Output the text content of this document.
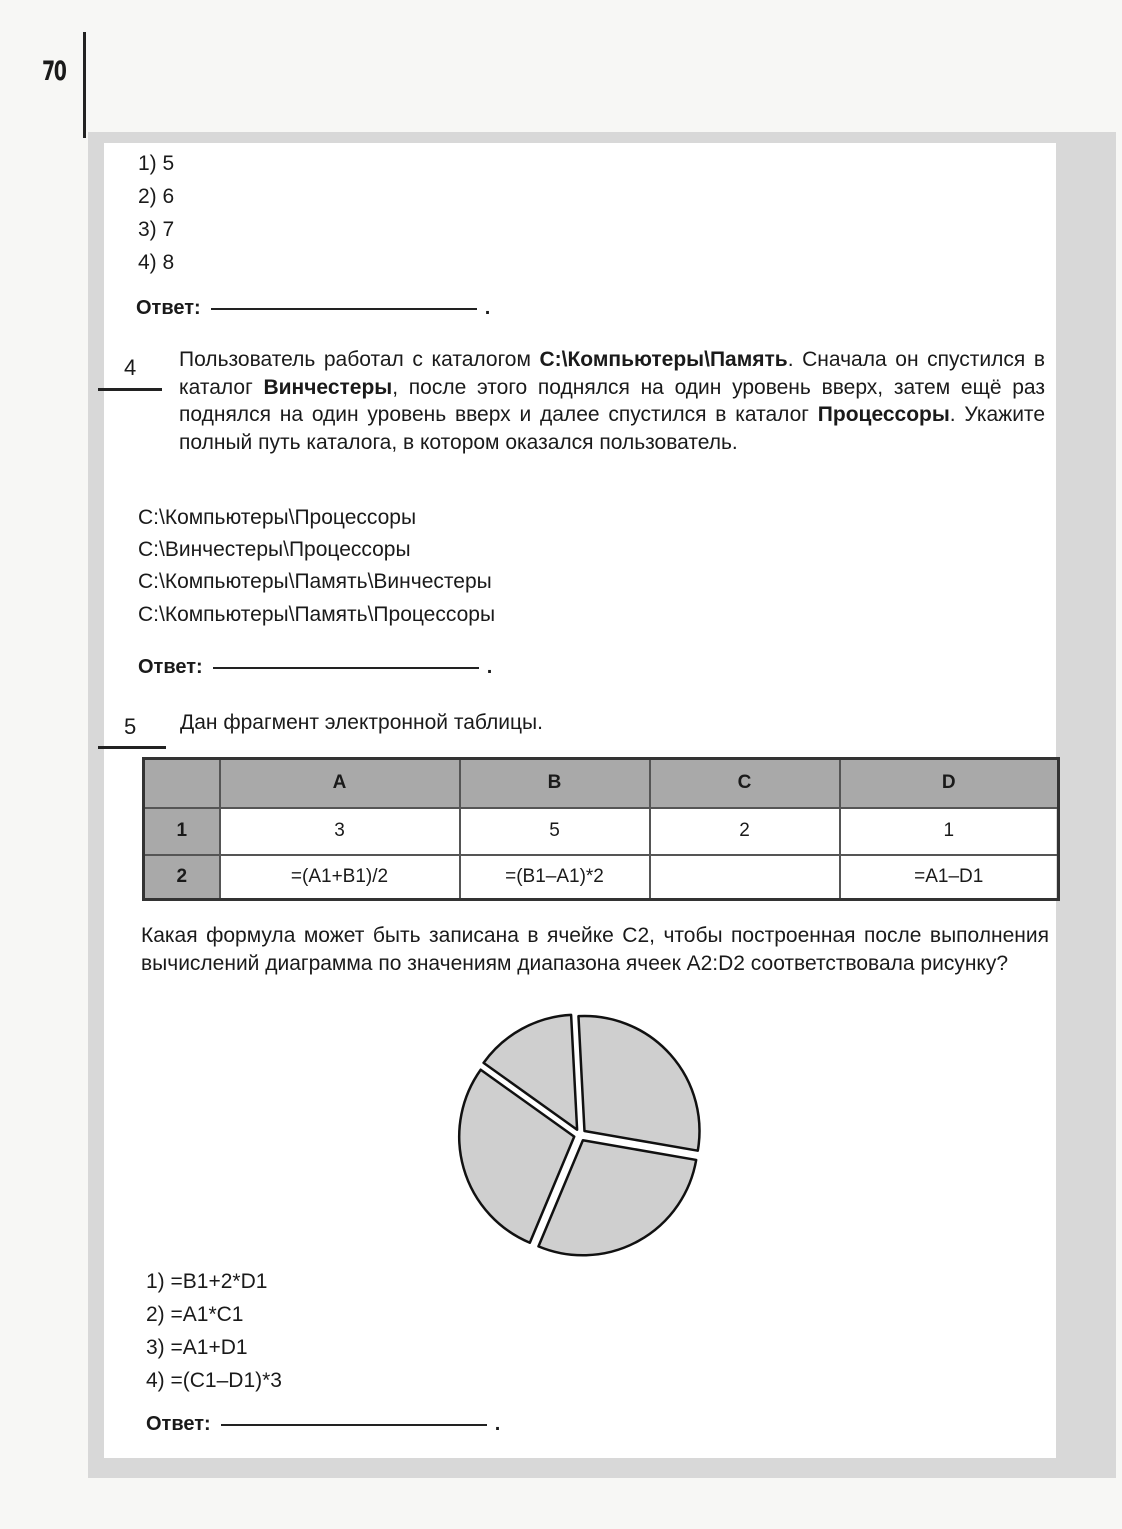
70
1) 5
2) 6
3) 7
4) 8
Ответ:	.
4 Пользователь работал с каталогом С:\Компьютеры\Память. Сначала он спустился в каталог Винчестеры, после этого поднялся на один уровень вверх, затем ещё раз поднялся на один уровень вверх и далее спустился в каталог Процессоры. Укажите полный путь каталога, в котором оказался пользователь.
С:\Компьютеры\Процессоры
С:\Винчестеры\Процессоры
С:\Компьютеры\Память\Винчестеры
С:\Компьютеры\Память\Процессоры
Ответ:	.
5 Дан фрагмент электронной таблицы.
	A	B	C	D
1	3	5	2	1
2	=(A1+B1)/2	=(B1–A1)*2		=A1–D1
Какая формула может быть записана в ячейке С2, чтобы построенная после выполнения вычислений диаграмма по значениям диапазона ячеек А2:D2 соответствовала рисунку?
1) =В1+2*D1
2) =A1*C1
3) =A1+D1
4) =(C1–D1)*3
Ответ:	.
